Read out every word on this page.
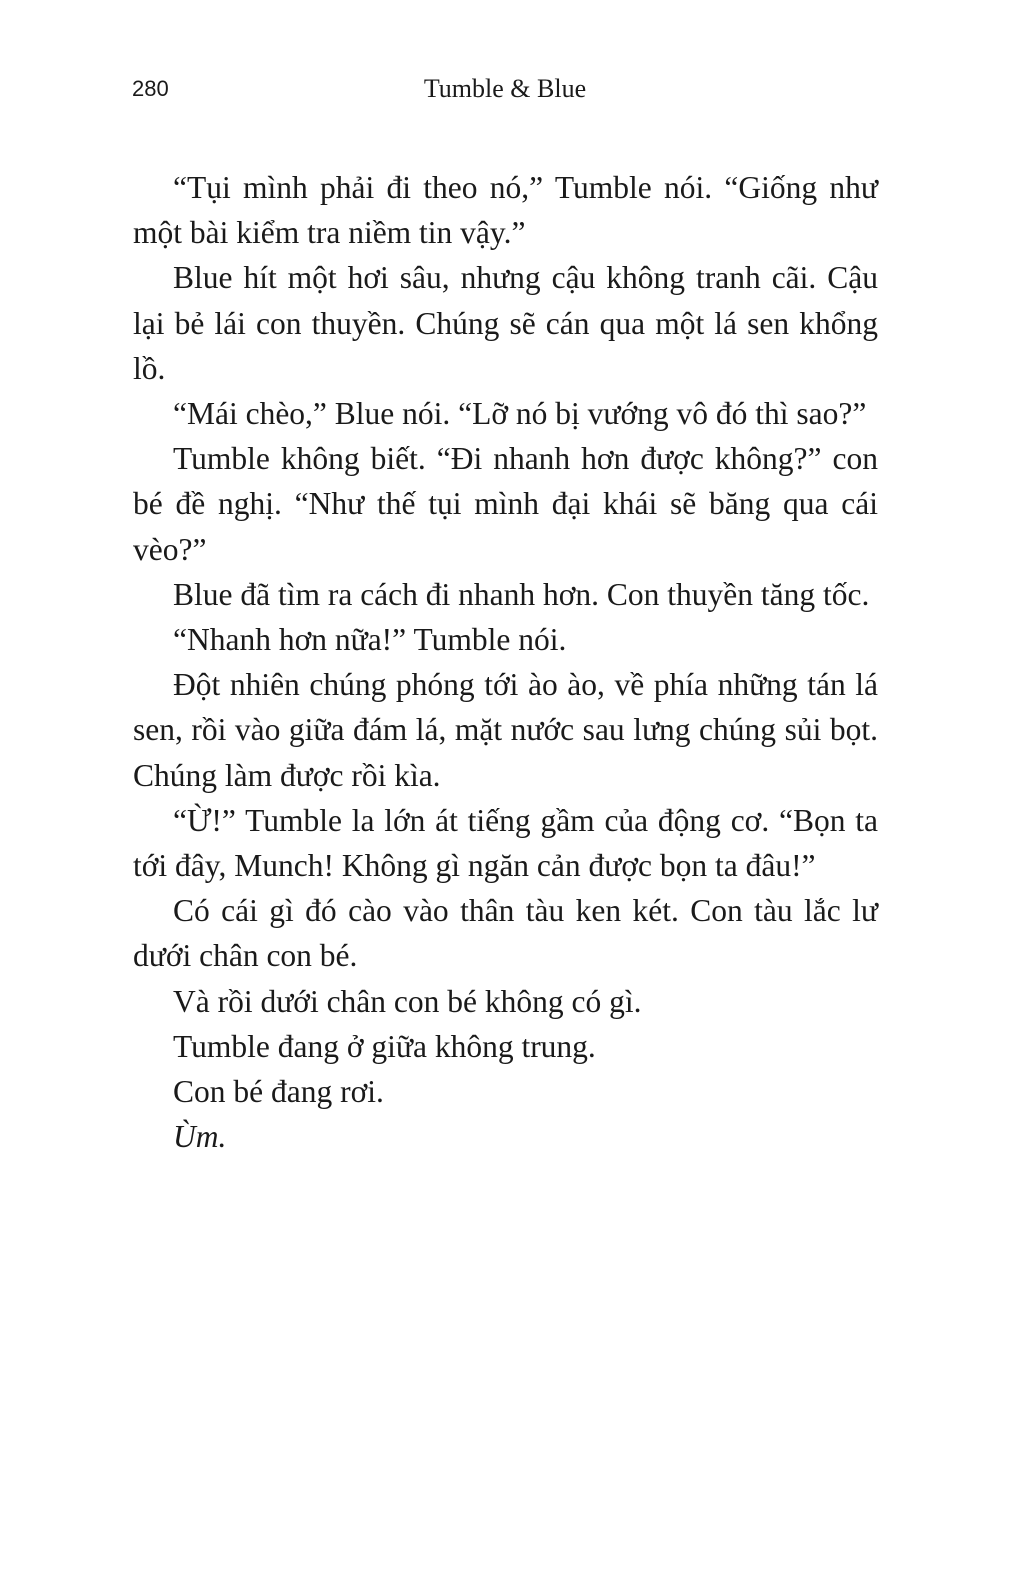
280	Tumble & Blue

“Tụi mình phải đi theo nó,” Tumble nói. “Giống như một bài kiểm tra niềm tin vậy.”

Blue hít một hơi sâu, nhưng cậu không tranh cãi. Cậu lại bẻ lái con thuyền. Chúng sẽ cán qua một lá sen khổng lồ.

“Mái chèo,” Blue nói. “Lỡ nó bị vướng vô đó thì sao?”

Tumble không biết. “Đi nhanh hơn được không?” con bé đề nghị. “Như thế tụi mình đại khái sẽ băng qua cái vèo?”

Blue đã tìm ra cách đi nhanh hơn. Con thuyền tăng tốc.

“Nhanh hơn nữa!” Tumble nói.

Đột nhiên chúng phóng tới ào ào, về phía những tán lá sen, rồi vào giữa đám lá, mặt nước sau lưng chúng sủi bọt. Chúng làm được rồi kìa.

“Ừ!” Tumble la lớn át tiếng gầm của động cơ. “Bọn ta tới đây, Munch! Không gì ngăn cản được bọn ta đâu!”

Có cái gì đó cào vào thân tàu ken két. Con tàu lắc lư dưới chân con bé.

Và rồi dưới chân con bé không có gì.

Tumble đang ở giữa không trung.

Con bé đang rơi.

Ùm.
